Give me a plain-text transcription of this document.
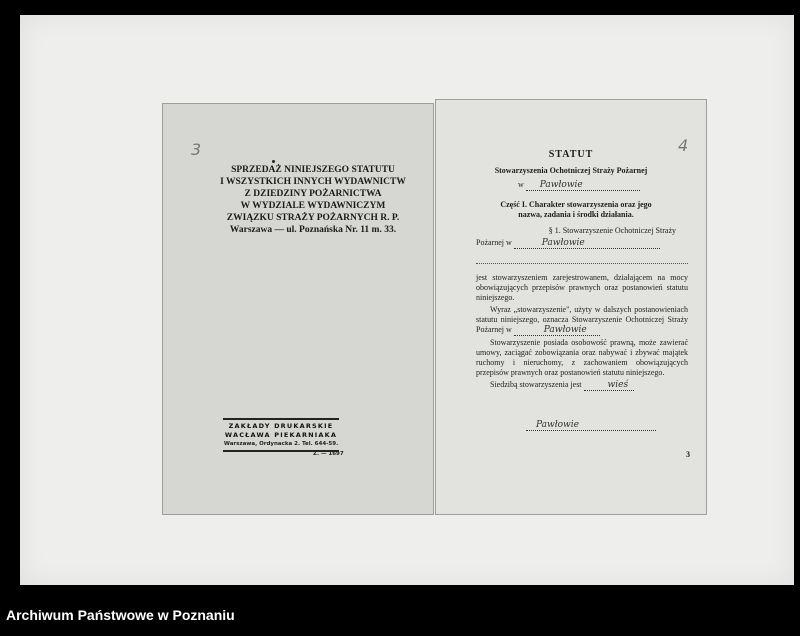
3
SPRZEDAŻ NINIEJSZEGO STATUTU
I WSZYSTKICH INNYCH WYDAWNICTW
Z DZIEDZINY POŻARNICTWA
W WYDZIALE WYDAWNICZYM
ZWIĄZKU STRAŻY POŻARNYCH R. P.
Warszawa — ul. Poznańska Nr. 11 m. 33.
ZAKŁADY DRUKARSKIE
WACŁAWA PIEKARNIAKA
Warszawa, Ordynacka 2. Tel. 644-59.
Z. — 1697
4
STATUT
Stowarzyszenia Ochotniczej Straży Pożarnej
w Pawłowie
Część I. Charakter stowarzyszenia oraz jego
nazwa, zadania i środki działania.
§ 1. Stowarzyszenie Ochotniczej Straży
Pożarnej w	Pawłowie

jest stowarzyszeniem zarejestrowanem, działającem na mocy obowiązujących przepisów prawnych oraz postanowień statutu niniejszego.

Wyraz „stowarzyszenie", użyty w dalszych postanowieniach statutu niniejszego, oznacza Stowarzyszenie Ochotniczej Straży Pożarnej w	Pawłowie

Stowarzyszenie posiada osobowość prawną, może zawierać umowy, zaciągać zobowiązania oraz nabywać i zbywać majątek ruchomy i nieruchomy, z zachowaniem obowiązujących przepisów prawnych oraz postanowień statutu niniejszego.

Siedzibą stowarzyszenia jest	wieś

Pawłowie
3
Archiwum Państwowe w Poznaniu
